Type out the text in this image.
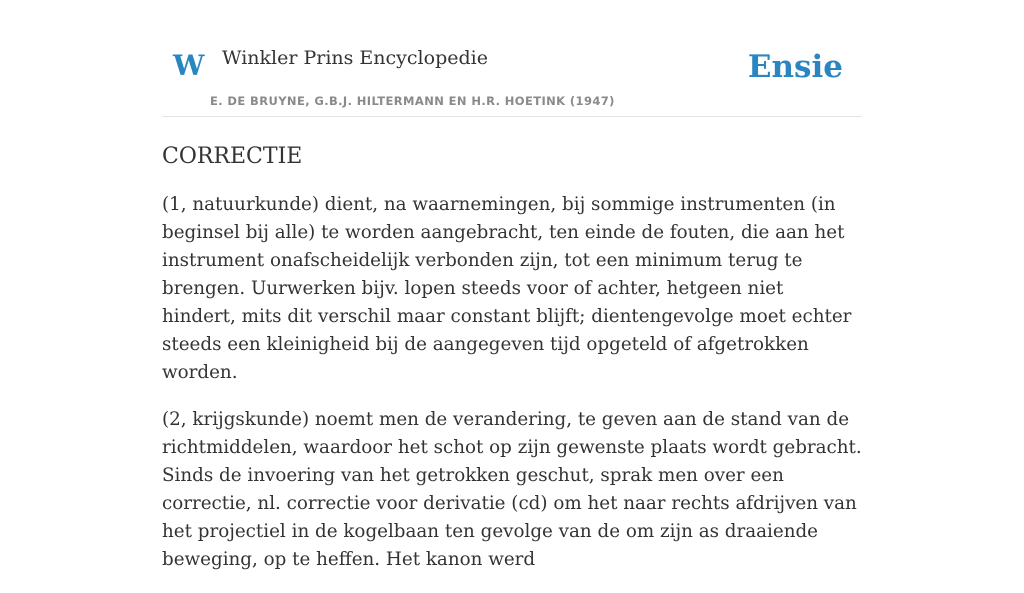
W Winkler Prins Encyclopedie
E. DE BRUYNE, G.B.J. HILTERMANN EN H.R. HOETINK (1947)
Ensie
CORRECTIE

(1, natuurkunde) dient, na waarnemingen, bij sommige instrumenten (in beginsel bij alle) te worden aangebracht, ten einde de fouten, die aan het instrument onafscheidelijk verbonden zijn, tot een minimum terug te brengen. Uurwerken bijv. lopen steeds voor of achter, hetgeen niet hindert, mits dit verschil maar constant blijft; dientengevolge moet echter steeds een kleinigheid bij de aangegeven tijd opgeteld of afgetrokken worden.

(2, krijgskunde) noemt men de verandering, te geven aan de stand van de richtmiddelen, waardoor het schot op zijn gewenste plaats wordt gebracht. Sinds de invoering van het getrokken geschut, sprak men over een correctie, nl. correctie voor derivatie (cd) om het naar rechts afdrijven van het projectiel in de kogelbaan ten gevolge van de om zijn as draaiende beweging, op te heffen. Het kanon werd
